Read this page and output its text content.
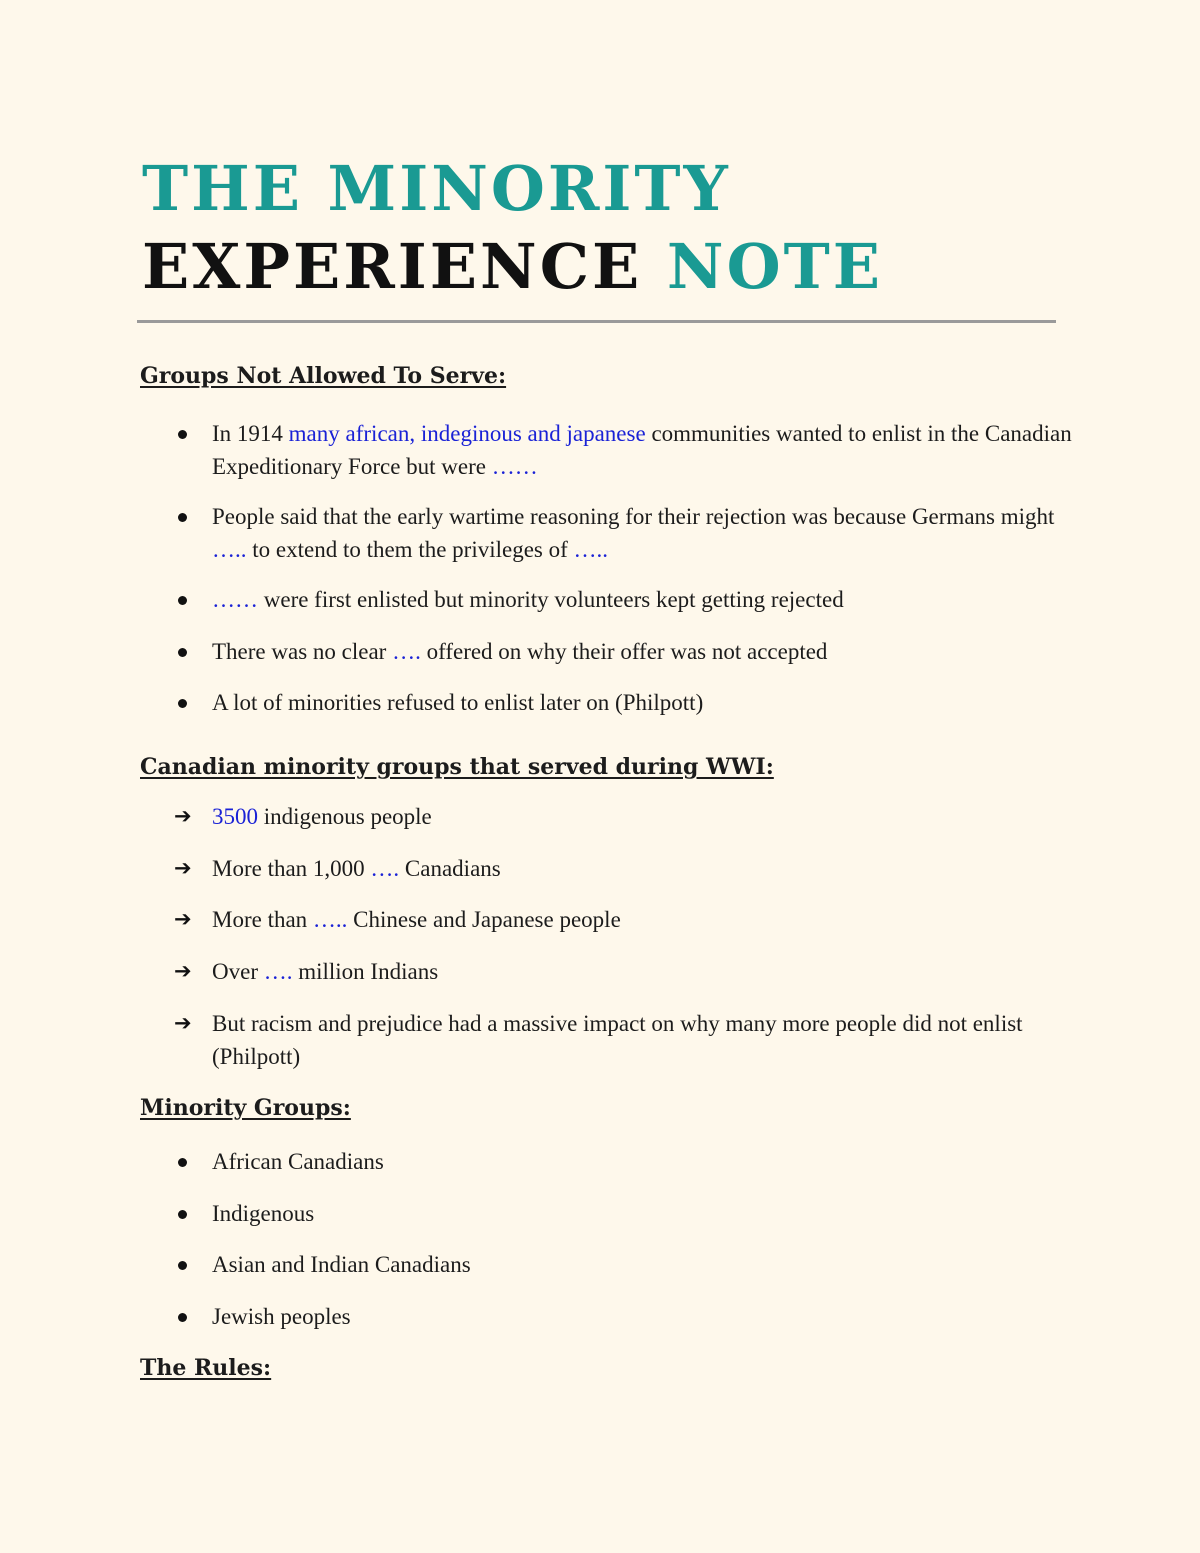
THE MINORITY
EXPERIENCE NOTE
Groups Not Allowed To Serve:
In 1914 many african, indeginous and japanese communities wanted to enlist in the Canadian Expeditionary Force but were ……
People said that the early wartime reasoning for their rejection was because Germans might ….. to extend to them the privileges of …..
…… were first enlisted but minority volunteers kept getting rejected
There was no clear …. offered on why their offer was not accepted
A lot of minorities refused to enlist later on (Philpott)
Canadian minority groups that served during WWI:
➔ 3500 indigenous people
➔ More than 1,000 …. Canadians
➔ More than ….. Chinese and Japanese people
➔ Over …. million Indians
➔ But racism and prejudice had a massive impact on why many more people did not enlist (Philpott)
Minority Groups:
African Canadians
Indigenous
Asian and Indian Canadians
Jewish peoples
The Rules:
